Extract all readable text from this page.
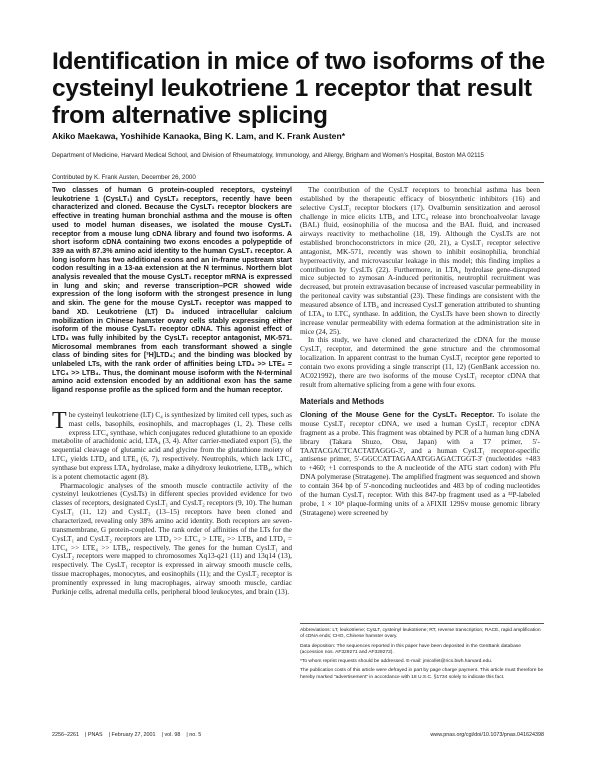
Identification in mice of two isoforms of the cysteinyl leukotriene 1 receptor that result from alternative splicing
Akiko Maekawa, Yoshihide Kanaoka, Bing K. Lam, and K. Frank Austen*
Department of Medicine, Harvard Medical School, and Division of Rheumatology, Immunology, and Allergy, Brigham and Women’s Hospital, Boston MA 02115
Contributed by K. Frank Austen, December 26, 2000

Two classes of human G protein-coupled receptors, cysteinyl leukotriene 1 (CysLT₁) and CysLT₂ receptors, recently have been characterized and cloned. Because the CysLT₁ receptor blockers are effective in treating human bronchial asthma and the mouse is often used to model human diseases, we isolated the mouse CysLT₁ receptor from a mouse lung cDNA library and found two isoforms. A short isoform cDNA containing two exons encodes a polypeptide of 339 aa with 87.3% amino acid identity to the human CysLT₁ receptor. A long isoform has two additional exons and an in-frame upstream start codon resulting in a 13-aa extension at the N terminus. Northern blot analysis revealed that the mouse CysLT₁ receptor mRNA is expressed in lung and skin; and reverse transcription–PCR showed wide expression of the long isoform with the strongest presence in lung and skin. The gene for the mouse CysLT₁ receptor was mapped to band XD. Leukotriene (LT) D₄ induced intracellular calcium mobilization in Chinese hamster ovary cells stably expressing either isoform of the mouse CysLT₁ receptor cDNA. This agonist effect of LTD₄ was fully inhibited by the CysLT₁ receptor antagonist, MK-571. Microsomal membranes from each transformant showed a single class of binding sites for [³H]LTD₄; and the binding was blocked by unlabeled LTs, with the rank order of affinities being LTD₄ >> LTE₄ = LTC₄ >> LTB₄. Thus, the dominant mouse isoform with the N-terminal amino acid extension encoded by an additional exon has the same ligand response profile as the spliced form and the human receptor.

The cysteinyl leukotriene (LT) C₄ is synthesized by limited cell types, such as mast cells, basophils, eosinophils, and macrophages (1, 2). These cells express LTC₄ synthase, which conjugates reduced glutathione to an epoxide metabolite of arachidonic acid, LTA₄ (3, 4). After carrier-mediated export (5), the sequential cleavage of glutamic acid and glycine from the glutathione moiety of LTC₄ yields LTD₄ and LTE₄ (6, 7), respectively. Neutrophils, which lack LTC₄ synthase but express LTA₄ hydrolase, make a dihydroxy leukotriene, LTB₄, which is a potent chemotactic agent (8).

Pharmacologic analyses of the smooth muscle contractile activity of the cysteinyl leukotrienes (CysLTs) in different species provided evidence for two classes of receptors, designated CysLT₁ and CysLT₂ receptors (9, 10). The human CysLT₁ (11, 12) and CysLT₂ (13–15) receptors have been cloned and characterized, revealing only 38% amino acid identity. Both receptors are seven-transmembrane, G protein-coupled. The rank order of affinities of the LTs for the CysLT₁ and CysLT₂ receptors are LTD₄ >> LTC₄ > LTE₄ >> LTB₄ and LTD₄ = LTC₄ >> LTE₄ >> LTB₄, respectively. The genes for the human CysLT₁ and CysLT₂ receptors were mapped to chromosomes Xq13-q21 (11) and 13q14 (13), respectively. The CysLT₁ receptor is expressed in airway smooth muscle cells, tissue macrophages, monocytes, and eosinophils (11); and the CysLT₂ receptor is prominently expressed in lung macrophages, airway smooth muscle, cardiac Purkinje cells, adrenal medulla cells, peripheral blood leukocytes, and brain (13).

The contribution of the CysLT receptors to bronchial asthma has been established by the therapeutic efficacy of biosynthetic inhibitors (16) and selective CysLT₁ receptor blockers (17). Ovalbumin sensitization and aerosol challenge in mice elicits LTB₄ and LTC₄ release into bronchoalveolar lavage (BAL) fluid, eosinophilia of the mucosa and the BAL fluid, and increased airways reactivity to methacholine (18, 19). Although the CysLTs are not established bronchoconstrictors in mice (20, 21), a CysLT₁ receptor selective antagonist, MK-571, recently was shown to inhibit eosinophilia, bronchial hyperreactivity, and microvascular leakage in this model; this finding implies a contribution by CysLTs (22). Furthermore, in LTA₄ hydrolase gene-disrupted mice subjected to zymosan A-induced peritonitis, neutrophil recruitment was decreased, but protein extravasation because of increased vascular permeability in the peritoneal cavity was substantial (23). These findings are consistent with the measured absence of LTB₄ and increased CysLT generation attributed to shunting of LTA₄ to LTC₄ synthase. In addition, the CysLTs have been shown to directly increase venular permeability with edema formation at the administration site in mice (24, 25).

In this study, we have cloned and characterized the cDNA for the mouse CysLT₁ receptor, and determined the gene structure and the chromosomal localization. In apparent contrast to the human CysLT₁ receptor gene reported to contain two exons providing a single transcript (11, 12) (GenBank accession no. AC021992), there are two isoforms of the mouse CysLT₁ receptor cDNA that result from alternative splicing from a gene with four exons.

Materials and Methods

Cloning of the Mouse Gene for the CysLT₁ Receptor. To isolate the mouse CysLT₁ receptor cDNA, we used a human CysLT₁ receptor cDNA fragment as a probe. This fragment was obtained by PCR of a human lung cDNA library (Takara Shuzo, Otsu, Japan) with a T7 primer, 5′-TAATACGACTCACTATAGGG-3′, and a human CysLT₁ receptor-specific antisense primer, 5′-GGCCATTAGAAATGGAGACTGGT-3′ (nucleotides +483 to +460; +1 corresponds to the A nucleotide of the ATG start codon) with Pfu DNA polymerase (Stratagene). The amplified fragment was sequenced and shown to contain 364 bp of 5′-noncoding nucleotides and 483 bp of coding nucleotides of the human CysLT₁ receptor. With this 847-bp fragment used as a ³²P-labeled probe, 1 × 10⁶ plaque-forming units of a λFIXII 129Sv mouse genomic library (Stratagene) were screened by

Abbreviations: LT, leukotriene; CysLT, cysteinyl leukotriene; RT, reverse transcription; RACE, rapid amplification of cDNA ends; CHO, Chinese hamster ovary.

Data deposition: The sequences reported in this paper have been deposited in the GenBank database (accession nos. AF329271 and AF329272).

*To whom reprint requests should be addressed. E-mail: jmicollet@rics.bwh.harvard.edu.

The publication costs of this article were defrayed in part by page charge payment. This article must therefore be hereby marked “advertisement” in accordance with 18 U.S.C. §1734 solely to indicate this fact.

2256–2261 | PNAS | February 27, 2001 | vol. 98 | no. 5	www.pnas.org/cgi/doi/10.1073/pnas.041624398
